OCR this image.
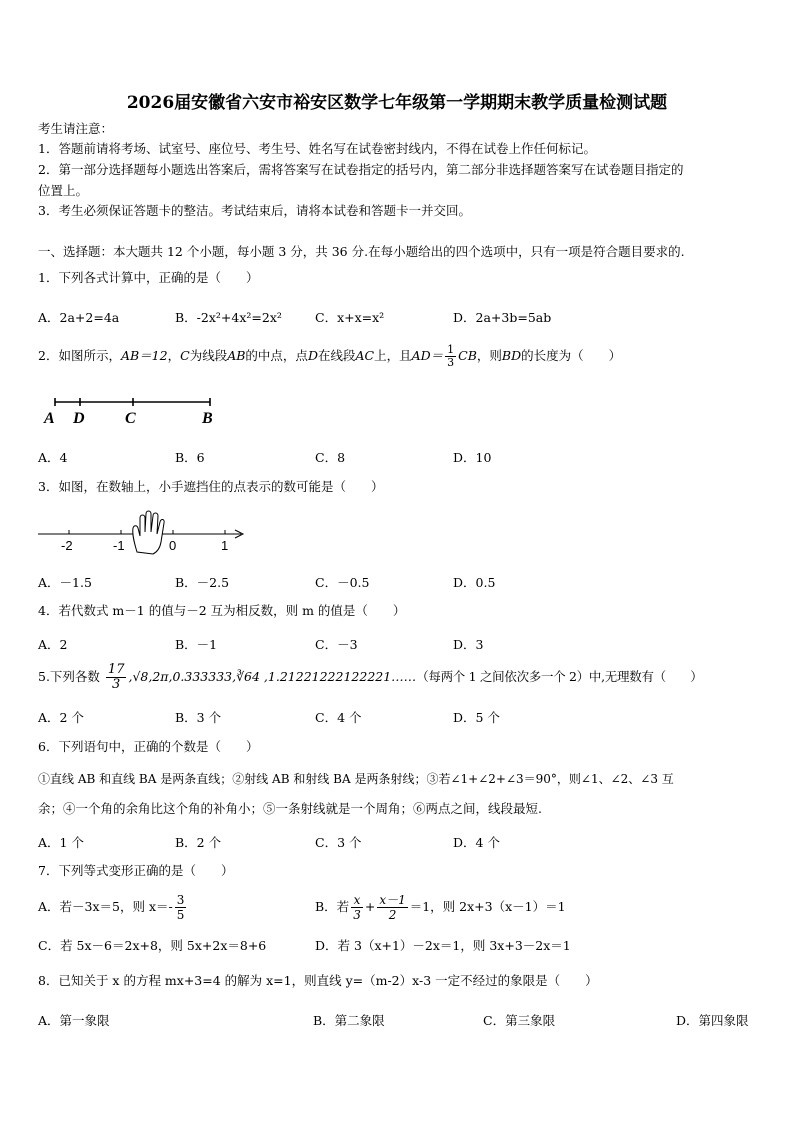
2026届安徽省六安市裕安区数学七年级第一学期期末教学质量检测试题
考生请注意：
1．答题前请将考场、试室号、座位号、考生号、姓名写在试卷密封线内，不得在试卷上作任何标记。
2．第一部分选择题每小题选出答案后，需将答案写在试卷指定的括号内，第二部分非选择题答案写在试卷题目指定的
位置上。
3．考生必须保证答题卡的整洁。考试结束后，请将本试卷和答题卡一并交回。
一、选择题：本大题共 12 个小题，每小题 3 分，共 36 分.在每小题给出的四个选项中，只有一项是符合题目要求的.
1．下列各式计算中，正确的是（　　）
A．2a+2=4a	B．-2x²+4x²=2x²	C．x+x=x²	D．2a+3b=5ab
2．如图所示，AB＝12，C为线段AB的中点，点D在线段AC上，且$AD= \frac{1}{3}$ CB，则BD的长度为（　　）
A D	C	B
A．4	B．6	C．8	D．10
3．如图，在数轴上，小手遮挡住的点表示的数可能是（　　）
-2	-1	0	1
A．－1.5	B．－2.5	C．－0.5	D．0.5
4．若代数式 m－1 的值与－2 互为相反数，则 m 的值是（　　）
A．2	B．－1	C．－3	D．3
5.下列各数 $\frac{17}{3}$ ,√8,2π,0.333333,∛64 ,1.21221222122221……（每两个 1 之间依次多一个 2）中,无理数有（　　）
A．2 个	B．3 个	C．4 个	D．5 个
6．下列语句中，正确的个数是（　　）
①直线 AB 和直线 BA 是两条直线；②射线 AB 和射线 BA 是两条射线；③若∠1+∠2+∠3＝90°，则∠1、∠2、∠3 互
余；④一个角的余角比这个角的补角小；⑤一条射线就是一个周角；⑥两点之间，线段最短.
A．1 个	B．2 个	C．3 个	D．4 个
7．下列等式变形正确的是（　　）
A．若－3x＝5，则 $x=- \frac{3}{5}$	B．若 $\frac{x}{3} + \frac{x-1}{2} =1$，则 2x+3（x－1）＝1
C．若 5x－6＝2x+8，则 5x+2x＝8+6	D．若 3（x+1）－2x＝1，则 3x+3－2x＝1
8．已知关于 x 的方程 mx+3=4 的解为 x=1，则直线 y=（m-2）x-3 一定不经过的象限是（　　）
A．第一象限	B．第二象限	C．第三象限	D．第四象限
